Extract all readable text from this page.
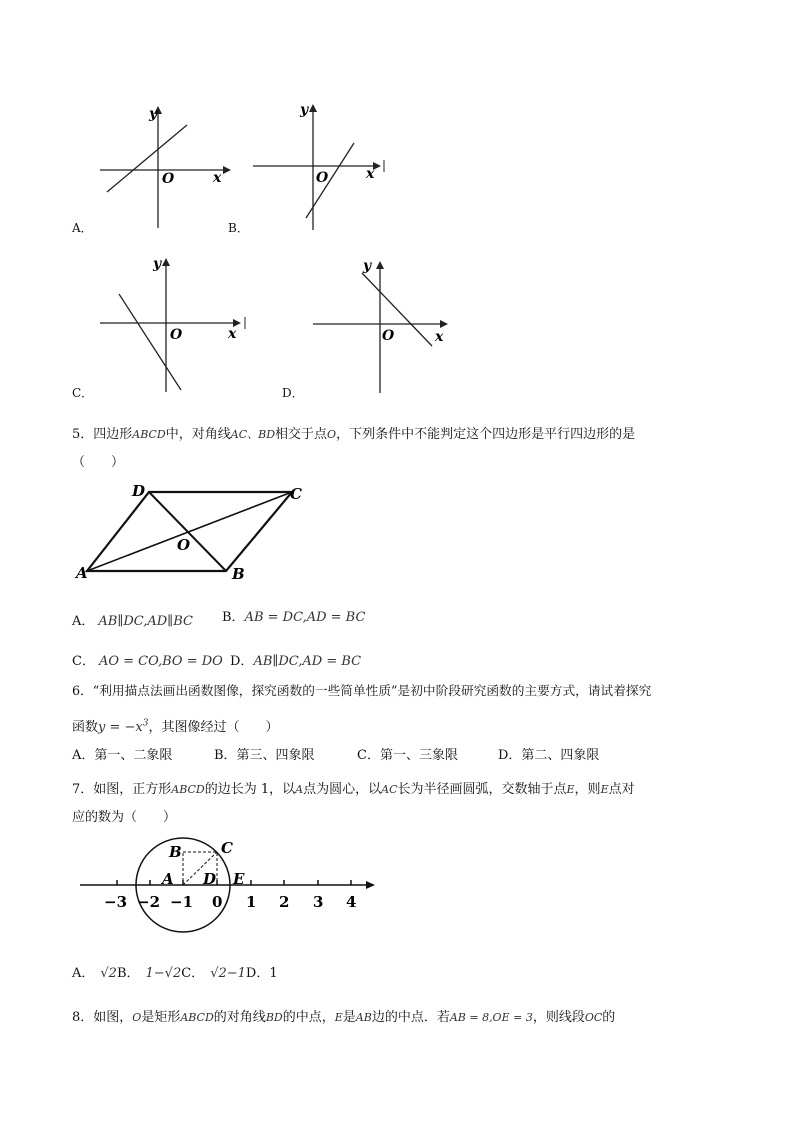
y
x
O
A．
y
x
O
B．
y
x
O
C．
y
x
O
D．
5．四边形ABCD中，对角线AC、BD相交于点O，下列条件中不能判定这个四边形是平行四边形的是
（　　）
D	C
A	B
O
A． AB∥DC,AD∥BC B．AB = DC,AD = BC
C． AO = CO,BO = DO D．AB∥DC,AD = BC
6．“利用描点法画出函数图像，探究函数的一些简单性质”是初中阶段研究函数的主要方式，请试着探究
函数$y = -x^3$，其图像经过（　　）
A．第一、二象限	B．第三、四象限	C．第一、三象限	D．第二、四象限
7．如图，正方形ABCD的边长为 1，以A点为圆心，以AC长为半径画圆弧，交数轴于点E，则E点对
应的数为（　　）
B	C
A D E
−3 −2 −1 0 1 2 3 4
A． √2B． 1−√2C． √2−1D．1
8．如图，O是矩形ABCD的对角线BD的中点，E是AB边的中点．若AB = 8,OE = 3，则线段OC的
